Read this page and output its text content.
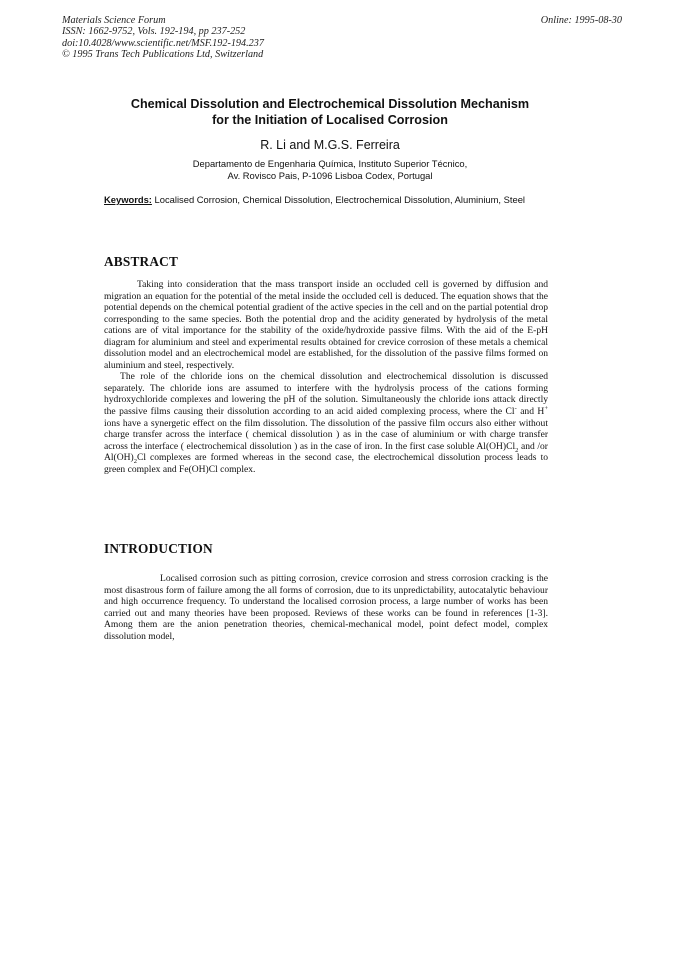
Materials Science Forum
ISSN: 1662-9752, Vols. 192-194, pp 237-252
doi:10.4028/www.scientific.net/MSF.192-194.237
© 1995 Trans Tech Publications Ltd, Switzerland
Online: 1995-08-30
Chemical Dissolution and Electrochemical Dissolution Mechanism
for the Initiation of Localised Corrosion
R. Li and M.G.S. Ferreira
Departamento de Engenharia Química, Instituto Superior Técnico,
Av. Rovisco Pais, P-1096 Lisboa Codex, Portugal
Keywords: Localised Corrosion, Chemical Dissolution, Electrochemical Dissolution, Aluminium, Steel
ABSTRACT

Taking into consideration that the mass transport inside an occluded cell is governed by diffusion and migration an equation for the potential of the metal inside the occluded cell is deduced. The equation shows that the potential depends on the chemical potential gradient of the active species in the cell and on the partial potential drop corresponding to the same species. Both the potential drop and the acidity generated by hydrolysis of the metal cations are of vital importance for the stability of the oxide/hydroxide passive films. With the aid of the E-pH diagram for aluminium and steel and experimental results obtained for crevice corrosion of these metals a chemical dissolution model and an electrochemical model are established, for the dissolution of the passive films formed on aluminium and steel, respectively.

The role of the chloride ions on the chemical dissolution and electrochemical dissolution is discussed separately. The chloride ions are assumed to interfere with the hydrolysis process of the cations forming hydroxychloride complexes and lowering the pH of the solution. Simultaneously the chloride ions attack directly the passive films causing their dissolution according to an acid aided complexing process, where the Cl- and H+ ions have a synergetic effect on the film dissolution. The dissolution of the passive film occurs also either without charge transfer across the interface ( chemical dissolution ) as in the case of aluminium or with charge transfer across the interface ( electrochemical dissolution ) as in the case of iron. In the first case soluble $Al(OH)Cl_2$ and /or $Al(OH)_2Cl$ complexes are formed whereas in the second case, the electrochemical dissolution process leads to green complex and Fe(OH)Cl complex.

INTRODUCTION

Localised corrosion such as pitting corrosion, crevice corrosion and stress corrosion cracking is the most disastrous form of failure among the all forms of corrosion, due to its unpredictability, autocatalytic behaviour and high occurrence frequency. To understand the localised corrosion process, a large number of works has been carried out and many theories have been proposed. Reviews of these works can be found in references [1-3]. Among them are the anion penetration theories, chemical-mechanical model, point defect model, complex dissolution model,
